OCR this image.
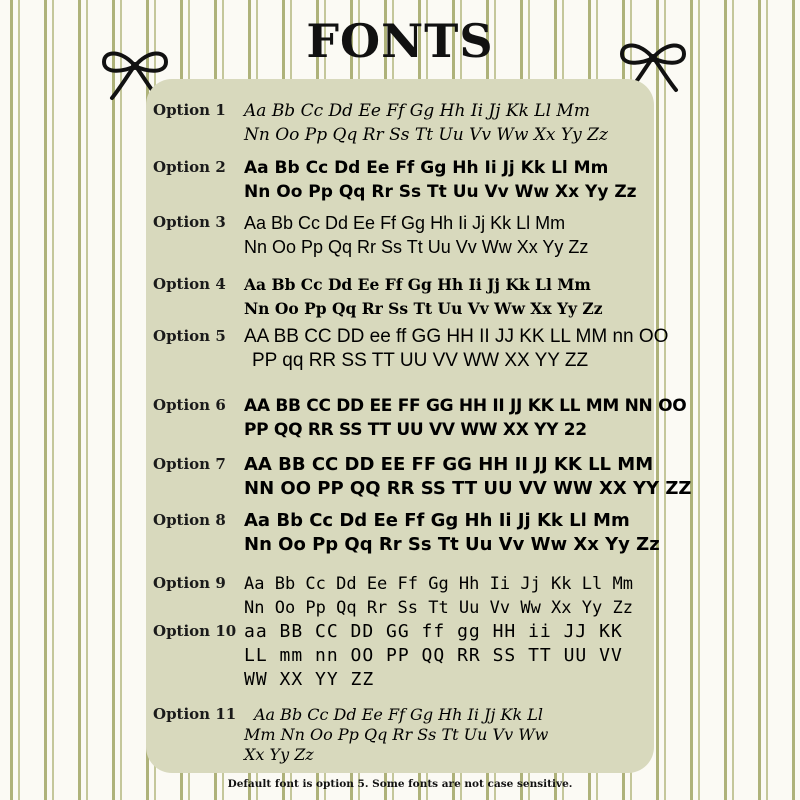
FONTS
Option 1 Aa Bb Cc Dd Ee Ff Gg Hh Ii Jj Kk Ll Mm
Nn Oo Pp Qq Rr Ss Tt Uu Vv Ww Xx Yy Zz
Option 2 Aa Bb Cc Dd Ee Ff Gg Hh Ii Jj Kk Ll Mm
Nn Oo Pp Qq Rr Ss Tt Uu Vv Ww Xx Yy Zz
Option 3 Aa Bb Cc Dd Ee Ff Gg Hh Ii Jj Kk Ll Mm
Nn Oo Pp Qq Rr Ss Tt Uu Vv Ww Xx Yy Zz
Option 4 Aa Bb Cc Dd Ee Ff Gg Hh Ii Jj Kk Ll Mm
Nn Oo Pp Qq Rr Ss Tt Uu Vv Ww Xx Yy Zz
Option 5 AA BB CC DD ee ff GG HH II JJ KK LL MM nn OO
PP qq RR SS TT UU VV WW XX YY ZZ
Option 6 AA BB CC DD EE FF GG HH II JJ KK LL MM NN OO
PP QQ RR SS TT UU VV WW XX YY 22
Option 7 AA BB CC DD EE FF GG HH II JJ KK LL MM
NN OO PP QQ RR SS TT UU VV WW XX YY ZZ
Option 8 Aa Bb Cc Dd Ee Ff Gg Hh Ii Jj Kk Ll Mm
Nn Oo Pp Qq Rr Ss Tt Uu Vv Ww Xx Yy Zz
Option 9 Aa Bb Cc Dd Ee Ff Gg Hh Ii Jj Kk Ll Mm
Nn Oo Pp Qq Rr Ss Tt Uu Vv Ww Xx Yy Zz
Option 10 aa BB CC DD GG ff gg HH ii JJ KK
LL mm nn OO PP QQ RR SS TT UU VV
WW XX YY ZZ
Option 11	Aa Bb Cc Dd Ee Ff Gg Hh Ii Jj Kk Ll
Mm Nn Oo Pp Qq Rr Ss Tt Uu Vv Ww
Xx Yy Zz
Default font is option 5. Some fonts are not case sensitive.
